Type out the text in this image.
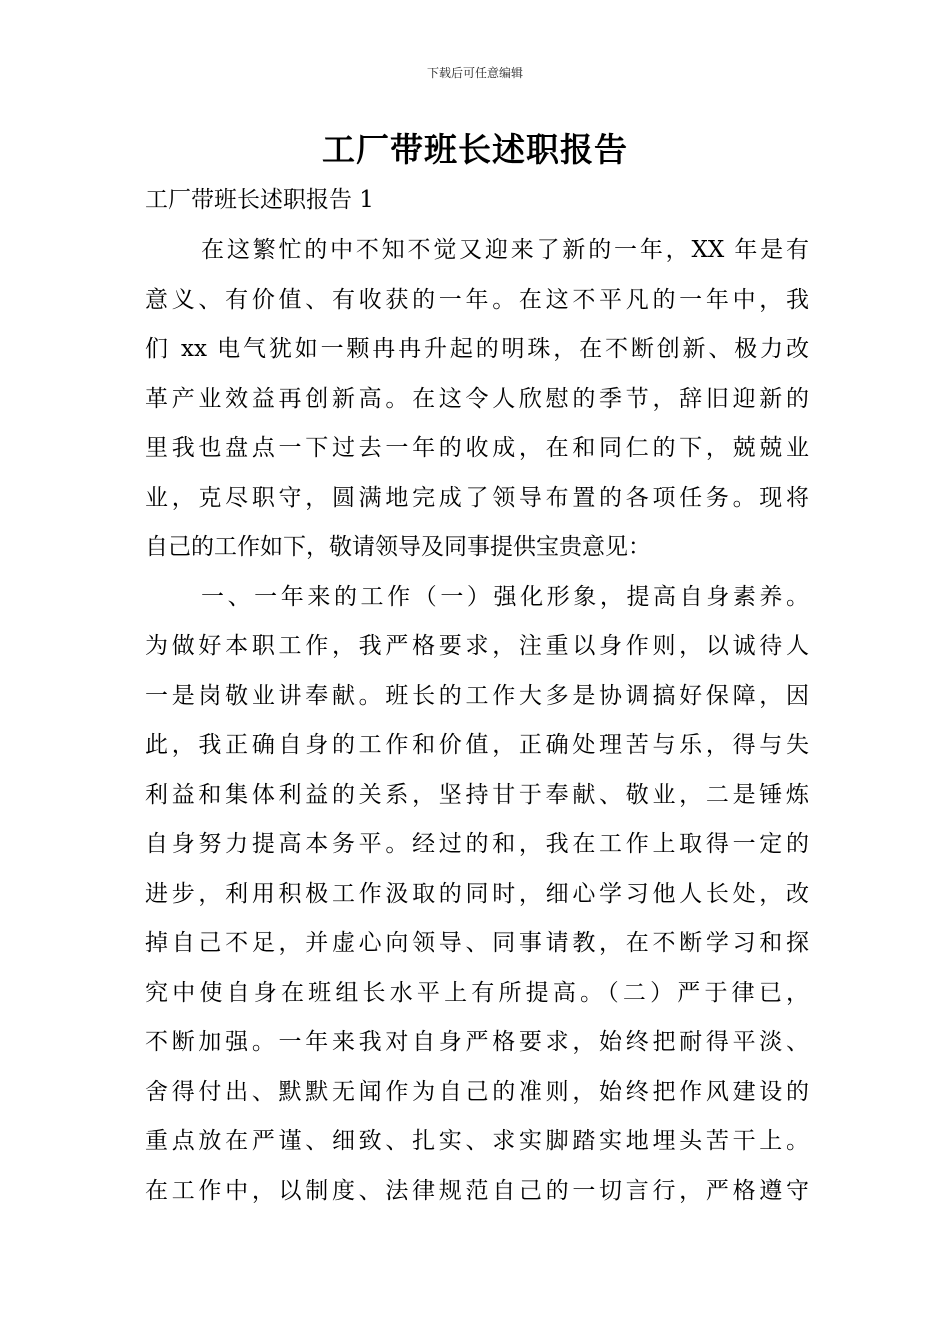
下载后可任意编辑
工厂带班长述职报告

工厂带班长述职报告 1

在这繁忙的中不知不觉又迎来了新的一年，XX 年是有
意义、有价值、有收获的一年。在这不平凡的一年中，我
们 xx 电气犹如一颗冉冉升起的明珠，在不断创新、极力改
革产业效益再创新高。在这令人欣慰的季节，辞旧迎新的
里我也盘点一下过去一年的收成，在和同仁的下，兢兢业
业，克尽职守，圆满地完成了领导布置的各项任务。现将
自己的工作如下，敬请领导及同事提供宝贵意见：
一、一年来的工作（一）强化形象，提高自身素养。
为做好本职工作，我严格要求，注重以身作则，以诚待人
一是岗敬业讲奉献。班长的工作大多是协调搞好保障，因
此，我正确自身的工作和价值，正确处理苦与乐，得与失
利益和集体利益的关系，坚持甘于奉献、敬业，二是锤炼
自身努力提高本务平。经过的和，我在工作上取得一定的
进步，利用积极工作汲取的同时，细心学习他人长处，改
掉自己不足，并虚心向领导、同事请教，在不断学习和探
究中使自身在班组长水平上有所提高。（二）严于律已，
不断加强。一年来我对自身严格要求，始终把耐得平淡、
舍得付出、默默无闻作为自己的准则，始终把作风建设的
重点放在严谨、细致、扎实、求实脚踏实地埋头苦干上。
在工作中，以制度、法律规范自己的一切言行，严格遵守
